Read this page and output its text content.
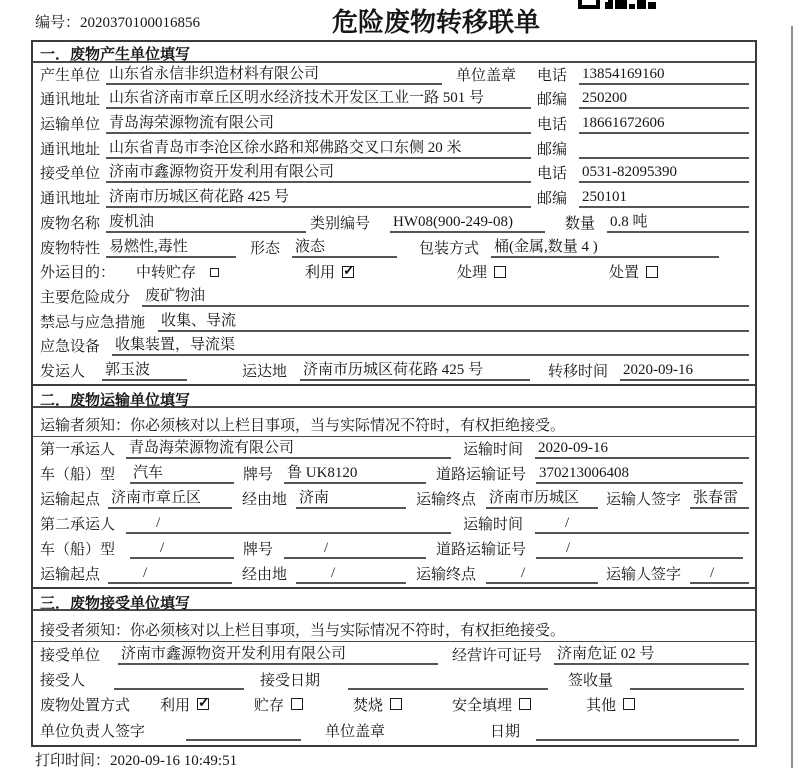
编号：2020370100016856	危险废物转移联单
一．废物产生单位填写
产生单位 山东省永信非织造材料有限公司	单位盖章	电话 13854169160
通讯地址 山东省济南市章丘区明水经济技术开发区工业一路 501 号	邮编 250200
运输单位 青岛海荣源物流有限公司	电话 18661672606
通讯地址 山东省青岛市李沧区徐水路和郑佛路交叉口东侧 20 米	邮编
接受单位 济南市鑫源物资开发利用有限公司	电话 0531-82095390
通讯地址 济南市历城区荷花路 425 号	邮编 250101
废物名称 废机油	类别编号	HW08(900-249-08)	数量 0.8 吨
废物特性 易燃性,毒性	形态 液态	包装方式 桶(金属,数量 4 )
外运目的：	中转贮存	利用 ✓	处理	处置
主要危险成分 废矿物油
禁忌与应急措施	收集、导流
应急设备 收集装置，导流渠
发运人	郭玉波	运达地	济南市历城区荷花路 425 号	转移时间 2020-09-16
二．废物运输单位填写
运输者须知：你必须核对以上栏目事项，当与实际情况不符时，有权拒绝接受。
第一承运人 青岛海荣源物流有限公司	运输时间 2020-09-16
车（船）型	汽车	牌号 鲁 UK8120	道路运输证号 370213006408
运输起点 济南市章丘区	经由地 济南	运输终点 济南市历城区	运输人签字 张春雷
第二承运人	/	运输时间	/
车（船）型	/	牌号	/	道路运输证号	/
运输起点	/	经由地	/	运输终点	/	运输人签字	/
三．废物接受单位填写
接受者须知：你必须核对以上栏目事项，当与实际情况不符时，有权拒绝接受。
接受单位	济南市鑫源物资开发利用有限公司	经营许可证号 济南危证 02 号
接受人	接受日期	签收量
废物处置方式	利用 ✓	贮存	焚烧	安全填埋	其他
单位负责人签字	单位盖章	日期
打印时间：2020-09-16 10:49:51
